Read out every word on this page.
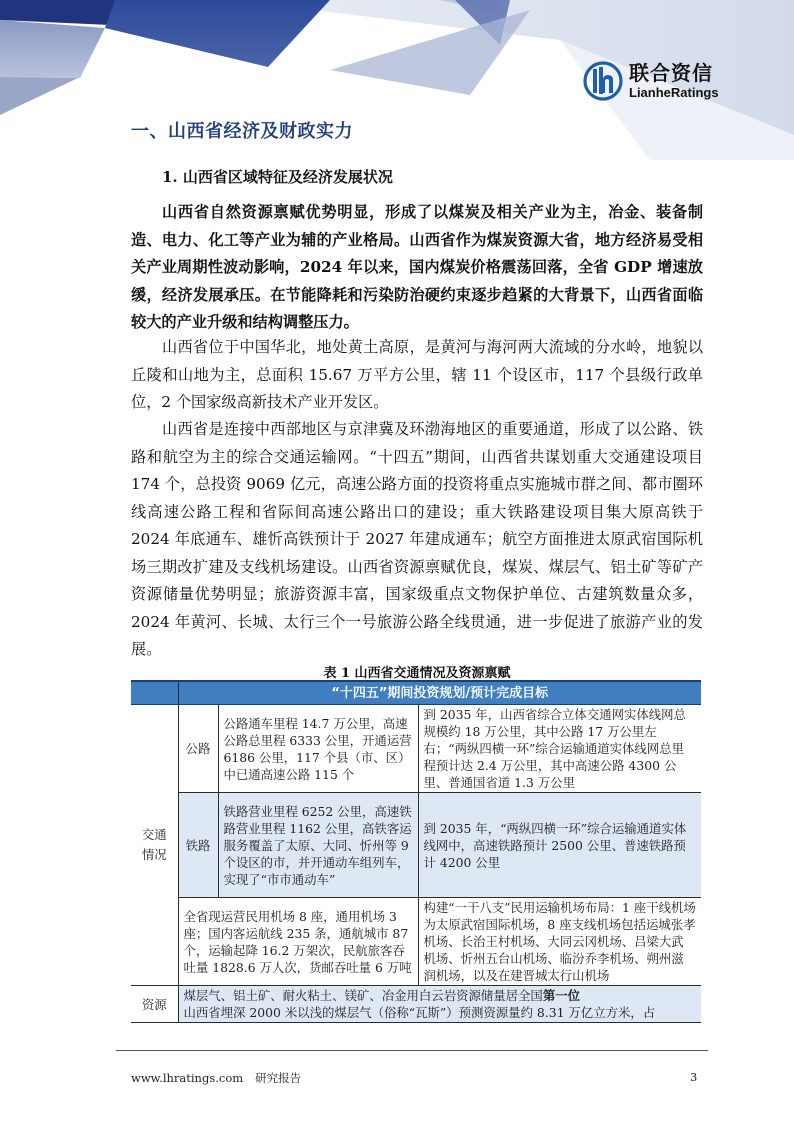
联合资信
LianheRatings
一、山西省经济及财政实力
1. 山西省区域特征及经济发展状况

山西省自然资源禀赋优势明显，形成了以煤炭及相关产业为主，冶金、装备制造、电力、化工等产业为辅的产业格局。山西省作为煤炭资源大省，地方经济易受相关产业周期性波动影响，2024 年以来，国内煤炭价格震荡回落，全省 GDP 增速放缓，经济发展承压。在节能降耗和污染防治硬约束逐步趋紧的大背景下，山西省面临较大的产业升级和结构调整压力。

山西省位于中国华北，地处黄土高原，是黄河与海河两大流域的分水岭，地貌以丘陵和山地为主，总面积 15.67 万平方公里，辖 11 个设区市，117 个县级行政单位，2 个国家级高新技术产业开发区。

山西省是连接中西部地区与京津冀及环渤海地区的重要通道，形成了以公路、铁路和航空为主的综合交通运输网。“十四五”期间，山西省共谋划重大交通建设项目 174 个，总投资 9069 亿元，高速公路方面的投资将重点实施城市群之间、都市圈环线高速公路工程和省际间高速公路出口的建设；重大铁路建设项目集大原高铁于 2024 年底通车、雄忻高铁预计于 2027 年建成通车；航空方面推进太原武宿国际机场三期改扩建及支线机场建设。山西省资源禀赋优良，煤炭、煤层气、铝土矿等矿产资源储量优势明显；旅游资源丰富，国家级重点文物保护单位、古建筑数量众多，2024 年黄河、长城、太行三个一号旅游公路全线贯通，进一步促进了旅游产业的发展。

表 1 山西省交通情况及资源禀赋
	“十四五”期间投资规划/预计完成目标		
交通情况	公路	公路通车里程 14.7 万公里，高速公路总里程 6333 公里，开通运营 6186 公里，117 个县（市、区）中已通高速公路 115 个	到 2035 年，山西省综合立体交通网实体线网总规模约 18 万公里，其中公路 17 万公里左右；“两纵四横一环”综合运输通道实体线网总里程预计达 2.4 万公里，其中高速公路 4300 公里、普通国省道 1.3 万公里
	铁路	铁路营业里程 6252 公里，高速铁路营业里程 1162 公里，高铁客运服务覆盖了太原、大同、忻州等 9 个设区的市，并开通动车组列车，实现了“市市通动车”	到 2035 年，“两纵四横一环”综合运输通道实体线网中，高速铁路预计 2500 公里、普速铁路预计 4200 公里
	全省现运营民用机场 8 座，通用机场 3 座；国内客运航线 235 条，通航城市 87 个，运输起降 16.2 万架次，民航旅客吞吐量 1828.6 万人次，货邮吞吐量 6 万吨		构建“一干八支”民用运输机场布局：1 座干线机场为太原武宿国际机场，8 座支线机场包括运城张孝机场、长治王村机场、大同云冈机场、吕梁大武机场、忻州五台山机场、临汾乔李机场、朔州滋润机场，以及在建晋城太行山机场
资源	煤层气、铝土矿、耐火粘土、镁矿、冶金用白云岩资源储量居全国第一位
山西省埋深 2000 米以浅的煤层气（俗称“瓦斯”）预测资源量约 8.31 万亿立方米，占		
www.lhratings.com 研究报告	3
